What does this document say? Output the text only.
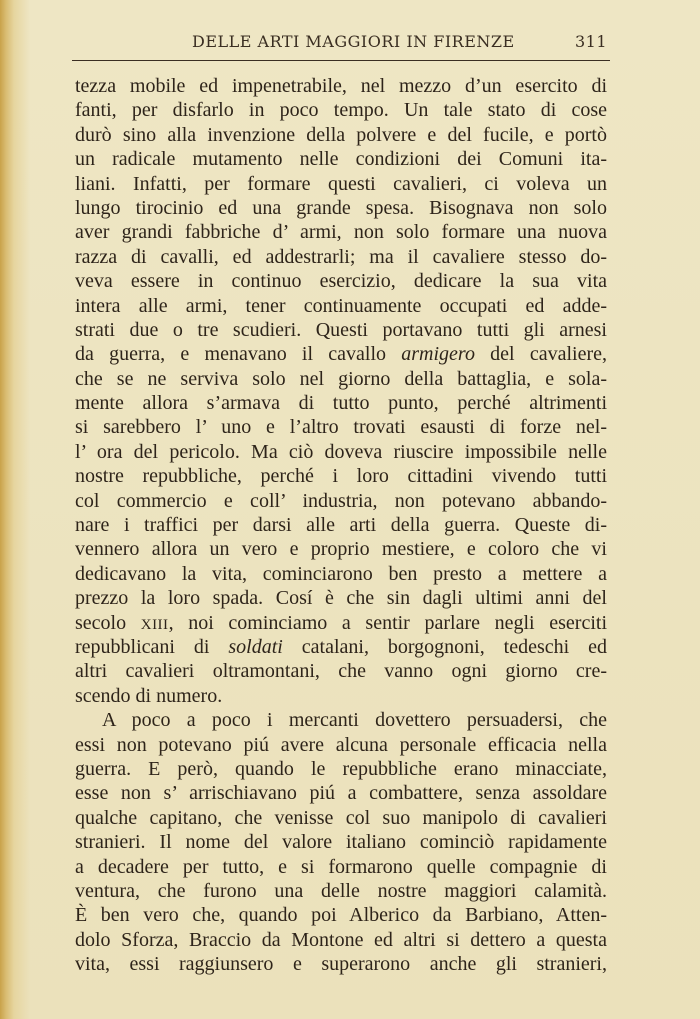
DELLE ARTI MAGGIORI IN FIRENZE	311
tezza mobile ed impenetrabile, nel mezzo d’un esercito di
fanti, per disfarlo in poco tempo. Un tale stato di cose
durò sino alla invenzione della polvere e del fucile, e portò
un radicale mutamento nelle condizioni dei Comuni ita-
liani. Infatti, per formare questi cavalieri, ci voleva un
lungo tirocinio ed una grande spesa. Bisognava non solo
aver grandi fabbriche d’ armi, non solo formare una nuova
razza di cavalli, ed addestrarli; ma il cavaliere stesso do-
veva essere in continuo esercizio, dedicare la sua vita
intera alle armi, tener continuamente occupati ed adde-
strati due o tre scudieri. Questi portavano tutti gli arnesi
da guerra, e menavano il cavallo armigero del cavaliere,
che se ne serviva solo nel giorno della battaglia, e sola-
mente allora s’armava di tutto punto, perché altrimenti
si sarebbero l’ uno e l’altro trovati esausti di forze nel-
l’ ora del pericolo. Ma ciò doveva riuscire impossibile nelle
nostre repubbliche, perché i loro cittadini vivendo tutti
col commercio e coll’ industria, non potevano abbando-
nare i traffici per darsi alle arti della guerra. Queste di-
vennero allora un vero e proprio mestiere, e coloro che vi
dedicavano la vita, cominciarono ben presto a mettere a
prezzo la loro spada. Cosí è che sin dagli ultimi anni del
secolo XIII, noi cominciamo a sentir parlare negli eserciti
repubblicani di soldati catalani, borgognoni, tedeschi ed
altri cavalieri oltramontani, che vanno ogni giorno cre-
scendo di numero.
A poco a poco i mercanti dovettero persuadersi, che
essi non potevano piú avere alcuna personale efficacia nella
guerra. E però, quando le repubbliche erano minacciate,
esse non s’ arrischiavano piú a combattere, senza assoldare
qualche capitano, che venisse col suo manipolo di cavalieri
stranieri. Il nome del valore italiano cominciò rapidamente
a decadere per tutto, e si formarono quelle compagnie di
ventura, che furono una delle nostre maggiori calamità.
È ben vero che, quando poi Alberico da Barbiano, Atten-
dolo Sforza, Braccio da Montone ed altri si dettero a questa
vita, essi raggiunsero e superarono anche gli stranieri,
